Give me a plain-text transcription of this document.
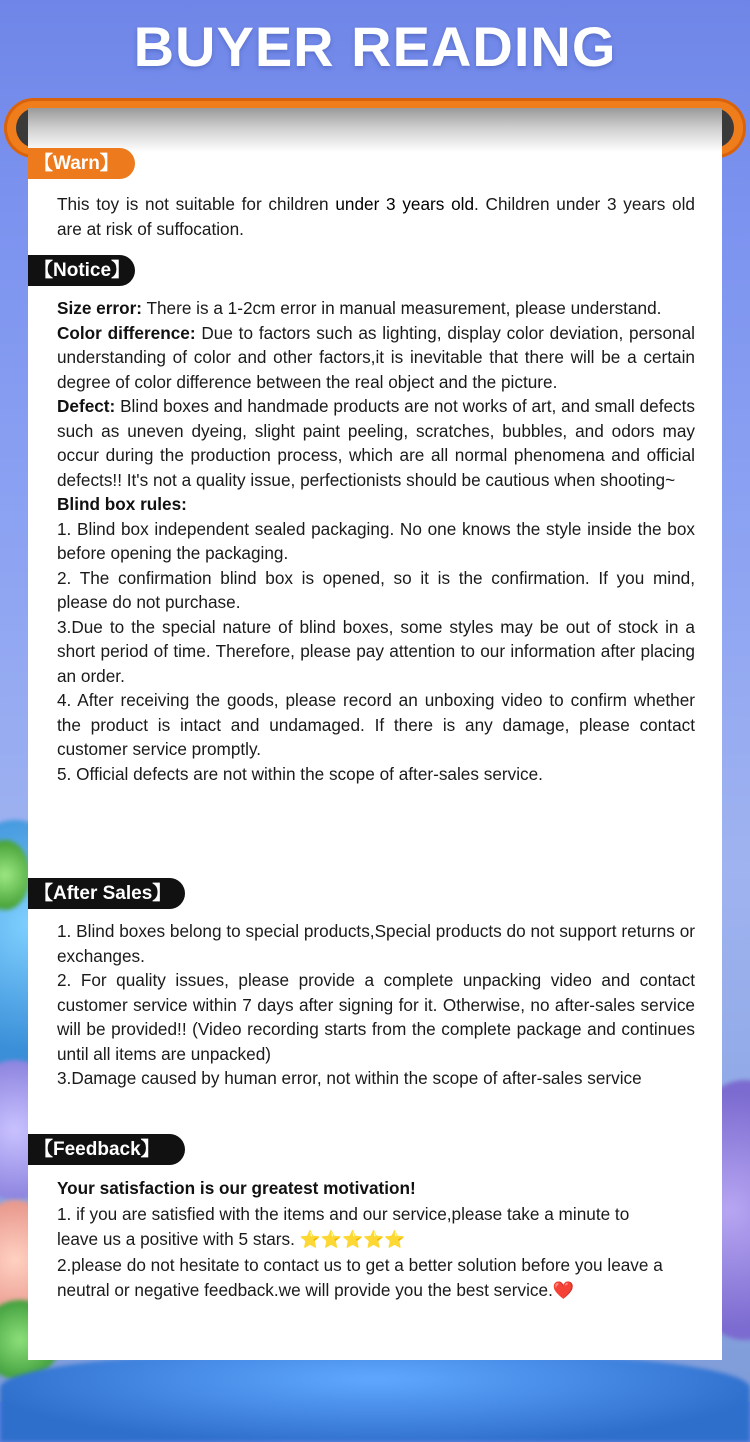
BUYER READING
【Warn】

This toy is not suitable for children under 3 years old. Children under 3 years old are at risk of suffocation.

【Notice】
Size error: There is a 1-2cm error in manual measurement, please understand.
Color difference: Due to factors such as lighting, display color deviation, personal understanding of color and other factors,it is inevitable that there will be a certain degree of color difference between the real object and the picture.
Defect: Blind boxes and handmade products are not works of art, and small defects such as uneven dyeing, slight paint peeling, scratches, bubbles, and odors may occur during the production process, which are all normal phenomena and official defects!! It's not a quality issue, perfectionists should be cautious when shooting~
Blind box rules:
1. Blind box independent sealed packaging. No one knows the style inside the box before opening the packaging.
2. The confirmation blind box is opened, so it is the confirmation. If you mind, please do not purchase.
3.Due to the special nature of blind boxes, some styles may be out of stock in a short period of time. Therefore, please pay attention to our information after placing an order.
4. After receiving the goods, please record an unboxing video to confirm whether the product is intact and undamaged. If there is any damage, please contact customer service promptly.
5. Official defects are not within the scope of after-sales service.
【After Sales】
1. Blind boxes belong to special products,Special products do not support returns or exchanges.
2. For quality issues, please provide a complete unpacking video and contact customer service within 7 days after signing for it. Otherwise, no after-sales service will be provided!! (Video recording starts from the complete package and continues until all items are unpacked)
3.Damage caused by human error, not within the scope of after-sales service
【Feedback】
Your satisfaction is our greatest motivation!
1. if you are satisfied with the items and our service,please take a minute to leave us a positive with 5 stars. ⭐⭐⭐⭐⭐
2.please do not hesitate to contact us to get a better solution before you leave a neutral or negative feedback.we will provide you the best service.❤️
